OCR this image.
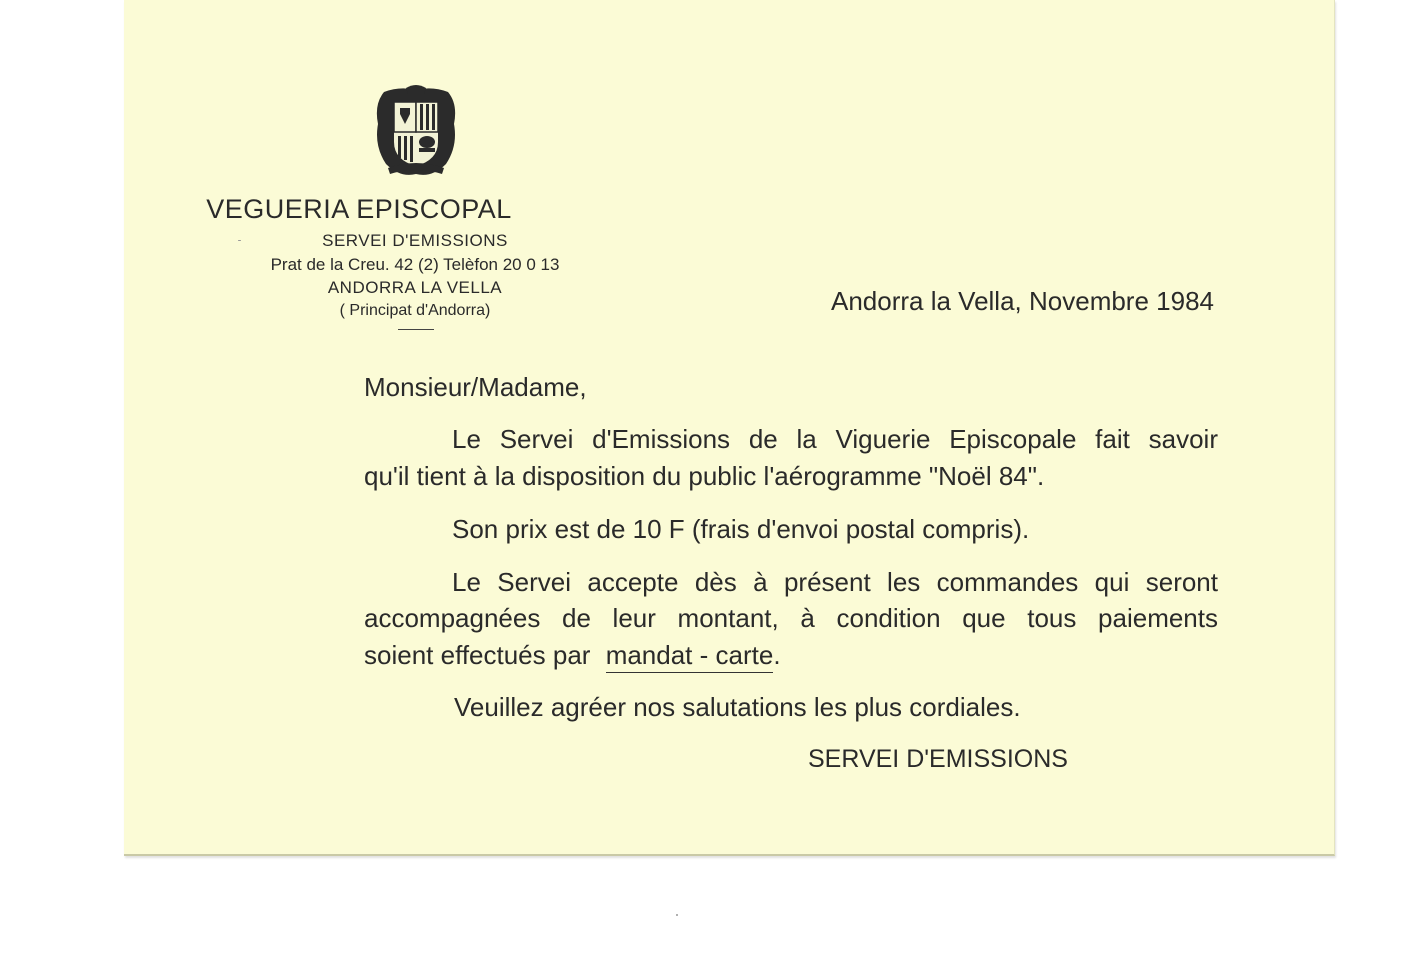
VEGUERIA EPISCOPAL
SERVEI D'EMISSIONS
Prat de la Creu. 42 (2) Telèfon 20 0 13
ANDORRA LA VELLA
( Principat d'Andorra)	Andorra la Vella, Novembre 1984
Monsieur/Madame,
Le Servei d'Emissions de la Viguerie Episcopale fait savoir
qu'il tient à la disposition du public l'aérogramme "Noël 84".
Son prix est de 10 F (frais d'envoi postal compris).
Le Servei accepte dès à présent les commandes qui seront
accompagnées de leur montant, à condition que tous paiements
soient effectués par mandat - carte.
Veuillez agréer nos salutations les plus cordiales.
SERVEI D'EMISSIONS
